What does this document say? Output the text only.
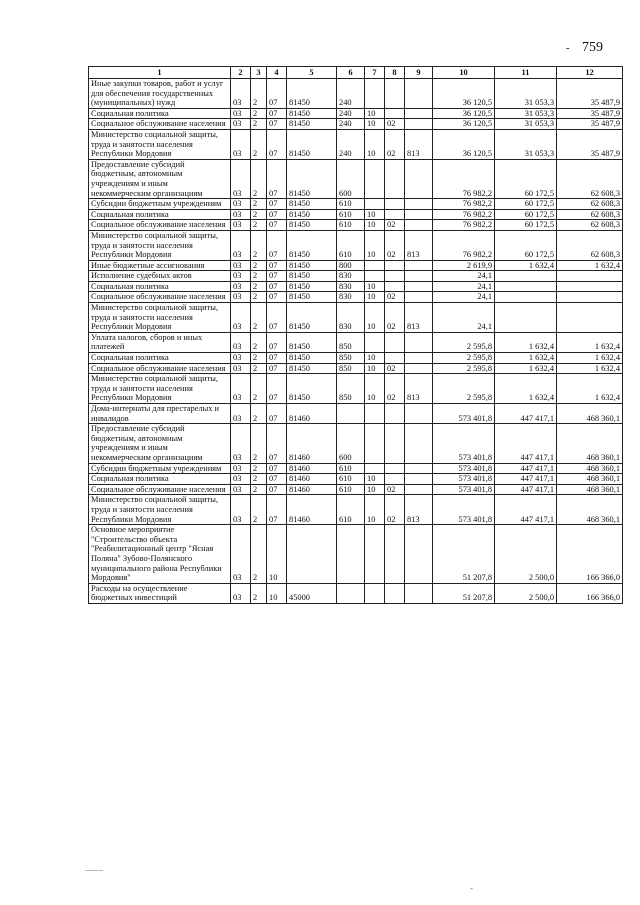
- 759
1	2	3	4	5	6	7	8	9	10	11	12
Иные закупки товаров, работ и услуг для обеспечения государственных (муниципальных) нужд	03	2	07	81450	240				36 120,5	31 053,3	35 487,9
Социальная политика	03	2	07	81450	240	10			36 120,5	31 053,3	35 487,9
Социальное обслуживание населения	03	2	07	81450	240	10	02		36 120,5	31 053,3	35 487,9
Министерство социальной защиты, труда и занятости населения Республики Мордовия	03	2	07	81450	240	10	02	813	36 120,5	31 053,3	35 487,9
Предоставление субсидий бюджетным, автономным учреждениям и иным некоммерческим организациям	03	2	07	81450	600				76 982,2	60 172,5	62 608,3
Субсидии бюджетным учреждениям	03	2	07	81450	610				76 982,2	60 172,5	62 608,3
Социальная политика	03	2	07	81450	610	10			76 982,2	60 172,5	62 608,3
Социальное обслуживание населения	03	2	07	81450	610	10	02		76 982,2	60 172,5	62 608,3
Министерство социальной защиты, труда и занятости населения Республики Мордовия	03	2	07	81450	610	10	02	813	76 982,2	60 172,5	62 608,3
Иные бюджетные ассигнования	03	2	07	81450	800				2 619,9	1 632,4	1 632,4
Исполнение судебных актов	03	2	07	81450	830				24,1		
Социальная политика	03	2	07	81450	830	10			24,1		
Социальное обслуживание населения	03	2	07	81450	830	10	02		24,1		
Министерство социальной защиты, труда и занятости населения Республики Мордовия	03	2	07	81450	830	10	02	813	24,1		
Уплата налогов, сборов и иных платежей	03	2	07	81450	850				2 595,8	1 632,4	1 632,4
Социальная политика	03	2	07	81450	850	10			2 595,8	1 632,4	1 632,4
Социальное обслуживание населения	03	2	07	81450	850	10	02		2 595,8	1 632,4	1 632,4
Министерство социальной защиты, труда и занятости населения Республики Мордовия	03	2	07	81450	850	10	02	813	2 595,8	1 632,4	1 632,4
Дома-интернаты для престарелых и инвалидов	03	2	07	81460					573 401,8	447 417,1	468 360,1
Предоставление субсидий бюджетным, автономным учреждениям и иным некоммерческим организациям	03	2	07	81460	600				573 401,8	447 417,1	468 360,1
Субсидии бюджетным учреждениям	03	2	07	81460	610				573 401,8	447 417,1	468 360,1
Социальная политика	03	2	07	81460	610	10			573 401,8	447 417,1	468 360,1
Социальное обслуживание населения	03	2	07	81460	610	10	02		573 401,8	447 417,1	468 360,1
Министерство социальной защиты, труда и занятости населения Республики Мордовия	03	2	07	81460	610	10	02	813	573 401,8	447 417,1	468 360,1
Основное мероприятие "Строительство объекта "Реабилитационный центр "Ясная Поляна" Зубово-Полянского муниципального района Республики Мордовия"	03	2	10						51 207,8	2 500,0	166 366,0
Расходы на осуществление бюджетных инвестиций	03	2	10	45000					51 207,8	2 500,0	166 366,0
-
